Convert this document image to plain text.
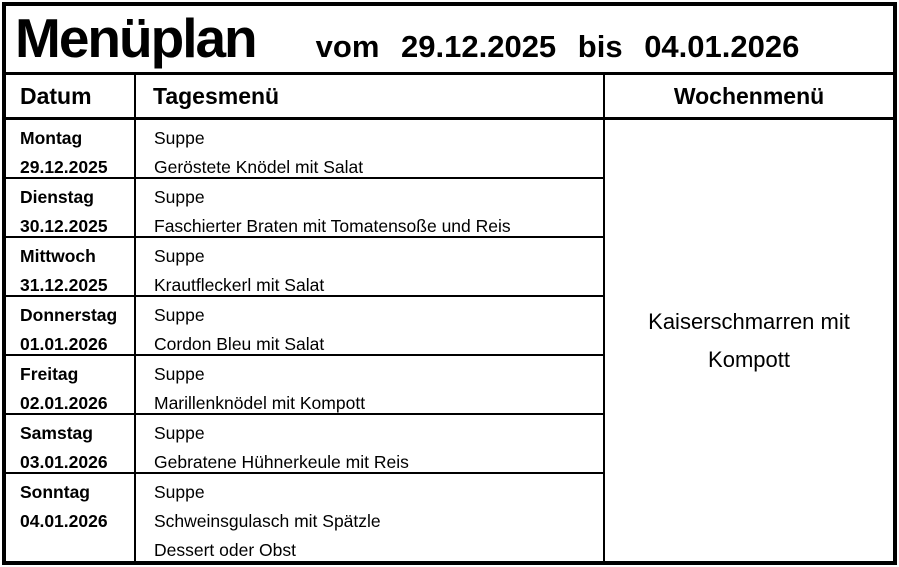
Menüplan vom 29.12.2025 bis 04.01.2026
Datum	Tagesmenü	Wochenmenü
Kaiserschmarren mit Kompott
Montag
29.12.2025
Suppe
Geröstete Knödel mit Salat
Dienstag
30.12.2025
Suppe
Faschierter Braten mit Tomatensoße und Reis
Mittwoch
31.12.2025
Suppe
Krautfleckerl mit Salat
Donnerstag
01.01.2026
Suppe
Cordon Bleu mit Salat
Freitag
02.01.2026
Suppe
Marillenknödel mit Kompott
Samstag
03.01.2026
Suppe
Gebratene Hühnerkeule mit Reis
Sonntag
04.01.2026
Suppe
Schweinsgulasch mit Spätzle
Dessert oder Obst
